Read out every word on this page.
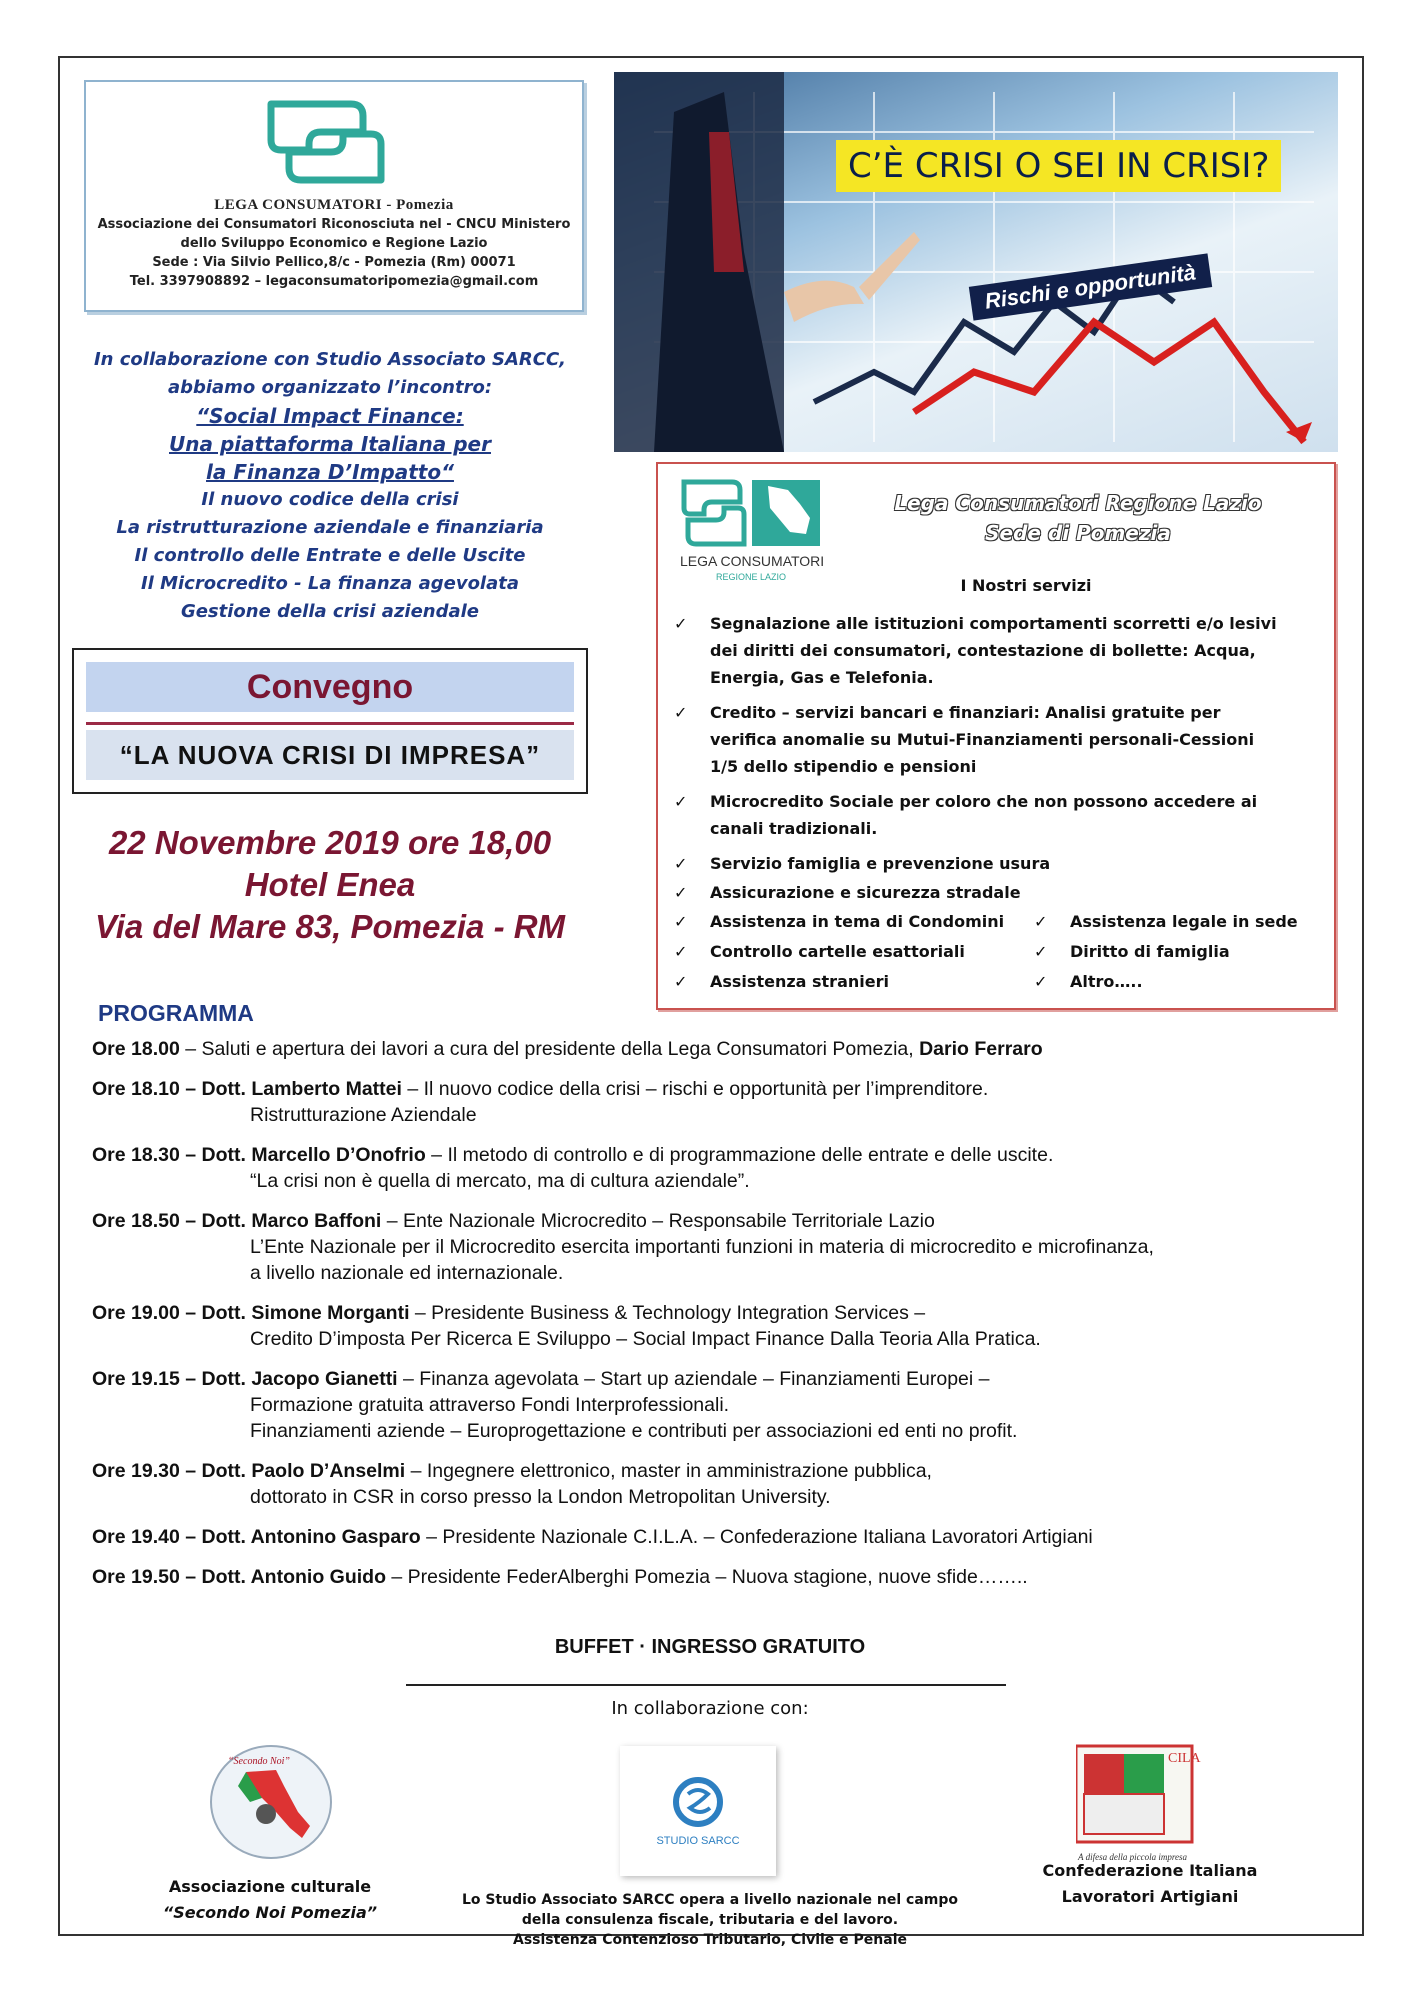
LEGA CONSUMATORI - Pomezia
Associazione dei Consumatori Riconosciuta nel - CNCU Ministero
dello Sviluppo Economico e Regione Lazio
Sede : Via Silvio Pellico,8/c - Pomezia (Rm) 00071
Tel. 3397908892 – legaconsumatoripomezia@gmail.com
C’È CRISI O SEI IN CRISI?
Rischi e opportunità
In collaborazione con Studio Associato SARCC,
abbiamo organizzato l’incontro:
“Social Impact Finance:
Una piattaforma Italiana per
la Finanza D’Impatto“
Il nuovo codice della crisi
La ristrutturazione aziendale e finanziaria
Il controllo delle Entrate e delle Uscite
Il Microcredito - La finanza agevolata
Gestione della crisi aziendale
Convegno
“LA NUOVA CRISI DI IMPRESA”
22 Novembre 2019 ore 18,00
Hotel Enea
Via del Mare 83, Pomezia - RM
LEGA CONSUMATORI
REGIONE LAZIO
Lega Consumatori Regione Lazio
Sede di Pomezia
I Nostri servizi
✓ Segnalazione alle istituzioni comportamenti scorretti e/o lesivi
dei diritti dei consumatori, contestazione di bollette: Acqua,
Energia, Gas e Telefonia.
✓ Credito – servizi bancari e finanziari: Analisi gratuite per
verifica anomalie su Mutui-Finanziamenti personali-Cessioni
1/5 dello stipendio e pensioni
✓ Microcredito Sociale per coloro che non possono accedere ai
canali tradizionali.
✓ Servizio famiglia e prevenzione usura
✓ Assicurazione e sicurezza stradale
✓ Assistenza in tema di Condomini ✓ Assistenza legale in sede
✓ Controllo cartelle esattoriali	✓ Diritto di famiglia
✓ Assistenza stranieri	✓ Altro…..
PROGRAMMA
Ore 18.00 – Saluti e apertura dei lavori a cura del presidente della Lega Consumatori Pomezia, Dario Ferraro
Ore 18.10 – Dott. Lamberto Mattei – Il nuovo codice della crisi – rischi e opportunità per l’imprenditore.
Ristrutturazione Aziendale
Ore 18.30 – Dott. Marcello D’Onofrio – Il metodo di controllo e di programmazione delle entrate e delle uscite.
“La crisi non è quella di mercato, ma di cultura aziendale”.
Ore 18.50 – Dott. Marco Baffoni – Ente Nazionale Microcredito – Responsabile Territoriale Lazio
L’Ente Nazionale per il Microcredito esercita importanti funzioni in materia di microcredito e microfinanza,
a livello nazionale ed internazionale.
Ore 19.00 – Dott. Simone Morganti – Presidente Business & Technology Integration Services –
Credito D’imposta Per Ricerca E Sviluppo – Social Impact Finance Dalla Teoria Alla Pratica.
Ore 19.15 – Dott. Jacopo Gianetti – Finanza agevolata – Start up aziendale – Finanziamenti Europei –
Formazione gratuita attraverso Fondi Interprofessionali.
Finanziamenti aziende – Europrogettazione e contributi per associazioni ed enti no profit.
Ore 19.30 – Dott. Paolo D’Anselmi – Ingegnere elettronico, master in amministrazione pubblica,
dottorato in CSR in corso presso la London Metropolitan University.
Ore 19.40 – Dott. Antonino Gasparo – Presidente Nazionale C.I.L.A. – Confederazione Italiana Lavoratori Artigiani
Ore 19.50 – Dott. Antonio Guido – Presidente FederAlberghi Pomezia – Nuova stagione, nuove sfide……..
BUFFET · INGRESSO GRATUITO
In collaborazione con:
“Secondo Noi”
STUDIO SARCC
CILA
A difesa della piccola impresa
Associazione culturale
“Secondo Noi Pomezia”
Lo Studio Associato SARCC opera a livello nazionale nel campo
della consulenza fiscale, tributaria e del lavoro.
Assistenza Contenzioso Tributario, Civile e Penale
Confederazione Italiana
Lavoratori Artigiani
